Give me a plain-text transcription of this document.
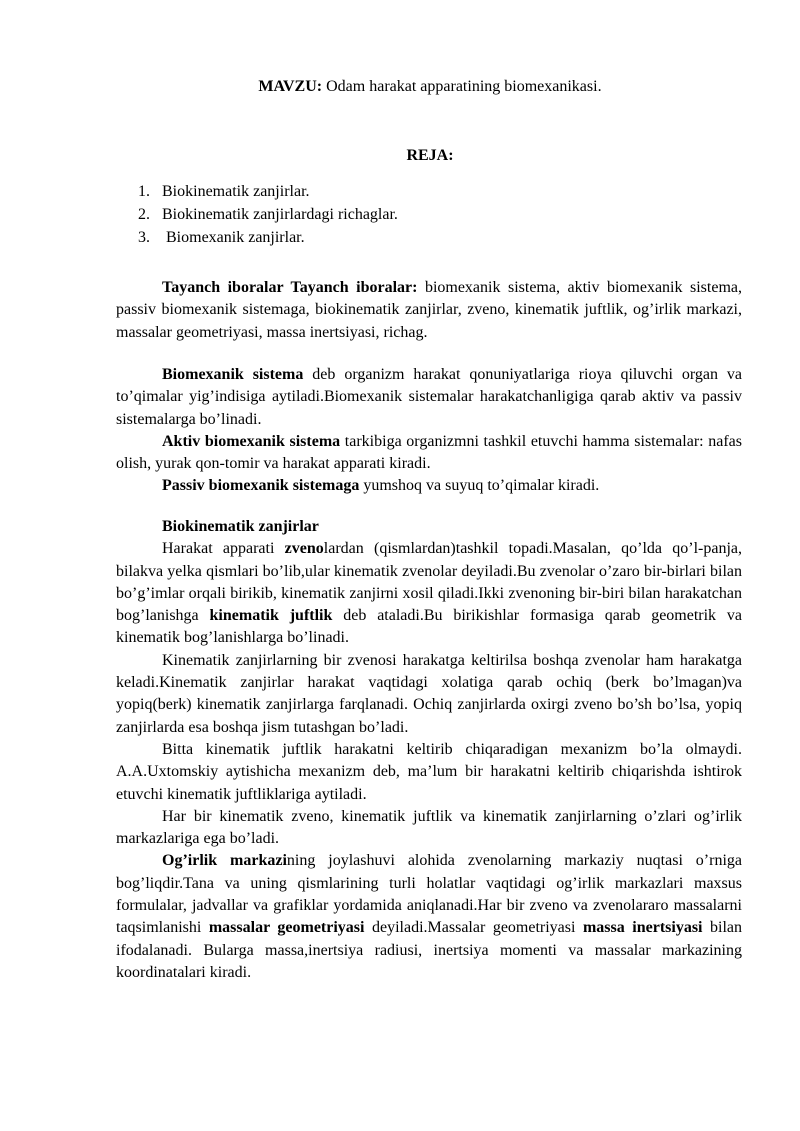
MAVZU: Odam harakat apparatining biomexanikasi.
REJA:
1. Biokinematik zanjirlar.
2. Biokinematik zanjirlardagi richaglar.
3. Biomexanik zanjirlar.

Tayanch iboralar Tayanch iboralar: biomexanik sistema, aktiv biomexanik sistema, passiv biomexanik sistemaga, biokinematik zanjirlar, zveno, kinematik juftlik, og’irlik markazi, massalar geometriyasi, massa inertsiyasi, richag.

Biomexanik sistema deb organizm harakat qonuniyatlariga rioya qiluvchi organ va to’qimalar yig’indisiga aytiladi.Biomexanik sistemalar harakatchanligiga qarab aktiv va passiv sistemalarga bo’linadi.

Aktiv biomexanik sistema tarkibiga organizmni tashkil etuvchi hamma sistemalar: nafas olish, yurak qon-tomir va harakat apparati kiradi.

Passiv biomexanik sistemaga yumshoq va suyuq to’qimalar kiradi.

Biokinematik zanjirlar

Harakat apparati zvenolardan (qismlardan)tashkil topadi.Masalan, qo’lda qo’l-panja, bilakva yelka qismlari bo’lib,ular kinematik zvenolar deyiladi.Bu zvenolar o’zaro bir-birlari bilan bo’g’imlar orqali birikib, kinematik zanjirni xosil qiladi.Ikki zvenoning bir-biri bilan harakatchan bog’lanishga kinematik juftlik deb ataladi.Bu birikishlar formasiga qarab geometrik va kinematik bog’lanishlarga bo’linadi.

Kinematik zanjirlarning bir zvenosi harakatga keltirilsa boshqa zvenolar ham harakatga keladi.Kinematik zanjirlar harakat vaqtidagi xolatiga qarab ochiq (berk bo’lmagan)va yopiq(berk) kinematik zanjirlarga farqlanadi. Ochiq zanjirlarda oxirgi zveno bo’sh bo’lsa, yopiq zanjirlarda esa boshqa jism tutashgan bo’ladi.

Bitta kinematik juftlik harakatni keltirib chiqaradigan mexanizm bo’la olmaydi. A.A.Uxtomskiy aytishicha mexanizm deb, ma’lum bir harakatni keltirib chiqarishda ishtirok etuvchi kinematik juftliklariga aytiladi.

Har bir kinematik zveno, kinematik juftlik va kinematik zanjirlarning o’zlari og’irlik markazlariga ega bo’ladi.

Og’irlik markazining joylashuvi alohida zvenolarning markaziy nuqtasi o’rniga bog’liqdir.Tana va uning qismlarining turli holatlar vaqtidagi og’irlik markazlari maxsus formulalar, jadvallar va grafiklar yordamida aniqlanadi.Har bir zveno va zvenolararo massalarni taqsimlanishi massalar geometriyasi deyiladi.Massalar geometriyasi massa inertsiyasi bilan ifodalanadi. Bularga massa,inertsiya radiusi, inertsiya momenti va massalar markazining koordinatalari kiradi.
